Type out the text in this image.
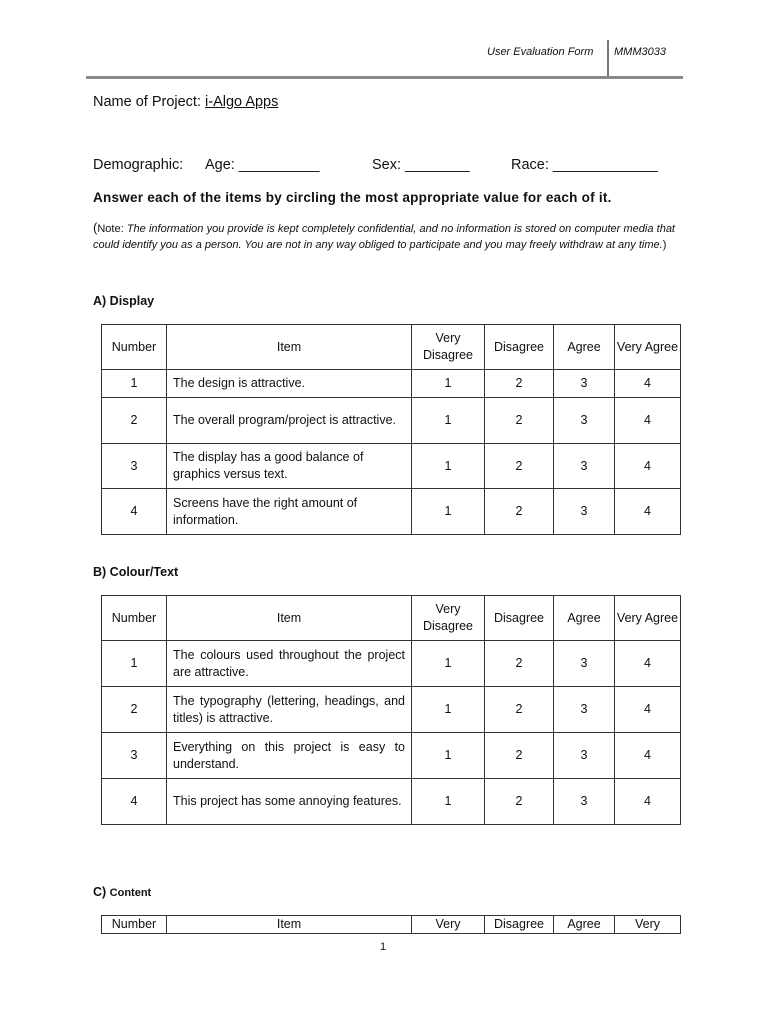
User Evaluation Form MMM3033
Name of Project: i-Algo Apps
Demographic: Age: __________	Sex: ________	Race: _____________
Answer each of the items by circling the most appropriate value for each of it.
(Note: The information you provide is kept completely confidential, and no information is stored on computer media that could identify you as a person. You are not in any way obliged to participate and you may freely withdraw at any time.)
A) Display
Number	Item	Very Disagree	Disagree	Agree	Very Agree
1	The design is attractive.	1	2	3	4
2	The overall program/project is attractive.	1	2	3	4
3	The display has a good balance of graphics versus text.	1	2	3	4
4	Screens have the right amount of information.	1	2	3	4
B) Colour/Text
Number	Item	Very Disagree	Disagree	Agree	Very Agree
1	The colours used throughout the project are attractive.	1	2	3	4
2	The typography (lettering, headings, and titles) is attractive.	1	2	3	4
3	Everything on this project is easy to understand.	1	2	3	4
4	This project has some annoying features.	1	2	3	4
C) Content
Number	Item	Very	Disagree	Agree	Very
1
